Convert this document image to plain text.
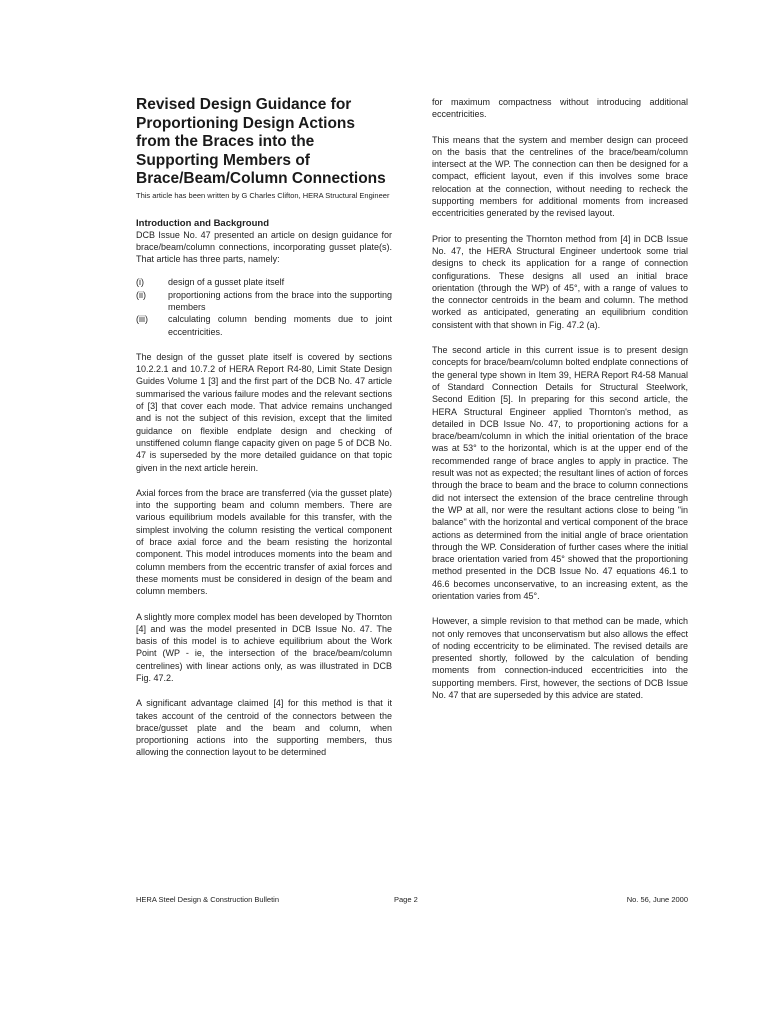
Revised Design Guidance for Proportioning Design Actions from the Braces into the Supporting Members of Brace/Beam/Column Connections

This article has been written by G Charles Clifton, HERA Structural Engineer

Introduction and Background

DCB Issue No. 47 presented an article on design guidance for brace/beam/column connections, incorporating gusset plate(s). That article has three parts, namely:

(i)	design of a gusset plate itself
(ii)	proportioning actions from the brace into the supporting members
(iii)	calculating column bending moments due to joint eccentricities.

The design of the gusset plate itself is covered by sections 10.2.2.1 and 10.7.2 of HERA Report R4-80, Limit State Design Guides Volume 1 [3] and the first part of the DCB No. 47 article summarised the various failure modes and the relevant sections of [3] that cover each mode. That advice remains unchanged and is not the subject of this revision, except that the limited guidance on flexible endplate design and checking of unstiffened column flange capacity given on page 5 of DCB No. 47 is superseded by the more detailed guidance on that topic given in the next article herein.

Axial forces from the brace are transferred (via the gusset plate) into the supporting beam and column members. There are various equilibrium models available for this transfer, with the simplest involving the column resisting the vertical component of brace axial force and the beam resisting the horizontal component. This model introduces moments into the beam and column members from the eccentric transfer of axial forces and these moments must be considered in design of the beam and column members.

A slightly more complex model has been developed by Thornton [4] and was the model presented in DCB Issue No. 47. The basis of this model is to achieve equilibrium about the Work Point (WP - ie, the intersection of the brace/beam/column centrelines) with linear actions only, as was illustrated in DCB Fig. 47.2.

A significant advantage claimed [4] for this method is that it takes account of the centroid of the connectors between the brace/gusset plate and the beam and column, when proportioning actions into the supporting members, thus allowing the connection layout to be determined

for maximum compactness without introducing additional eccentricities.

This means that the system and member design can proceed on the basis that the centrelines of the brace/beam/column intersect at the WP. The connection can then be designed for a compact, efficient layout, even if this involves some brace relocation at the connection, without needing to recheck the supporting members for additional moments from increased eccentricities generated by the revised layout.

Prior to presenting the Thornton method from [4] in DCB Issue No. 47, the HERA Structural Engineer undertook some trial designs to check its application for a range of connection configurations. These designs all used an initial brace orientation (through the WP) of 45°, with a range of values to the connector centroids in the beam and column. The method worked as anticipated, generating an equilibrium condition consistent with that shown in Fig. 47.2 (a).

The second article in this current issue is to present design concepts for brace/beam/column bolted endplate connections of the general type shown in Item 39, HERA Report R4-58 Manual of Standard Connection Details for Structural Steelwork, Second Edition [5]. In preparing for this second article, the HERA Structural Engineer applied Thornton's method, as detailed in DCB Issue No. 47, to proportioning actions for a brace/beam/column in which the initial orientation of the brace was at 53° to the horizontal, which is at the upper end of the recommended range of brace angles to apply in practice. The result was not as expected; the resultant lines of action of forces through the brace to beam and the brace to column connections did not intersect the extension of the brace centreline through the WP at all, nor were the resultant actions close to being "in balance" with the horizontal and vertical component of the brace actions as determined from the initial angle of brace orientation through the WP. Consideration of further cases where the initial brace orientation varied from 45° showed that the proportioning method presented in the DCB Issue No. 47 equations 46.1 to 46.6 becomes unconservative, to an increasing extent, as the orientation varies from 45°.

However, a simple revision to that method can be made, which not only removes that unconservatism but also allows the effect of noding eccentricity to be eliminated. The revised details are presented shortly, followed by the calculation of bending moments from connection-induced eccentricities into the supporting members. First, however, the sections of DCB Issue No. 47 that are superseded by this advice are stated.

HERA Steel Design & Construction Bulletin	Page 2	No. 56, June 2000
